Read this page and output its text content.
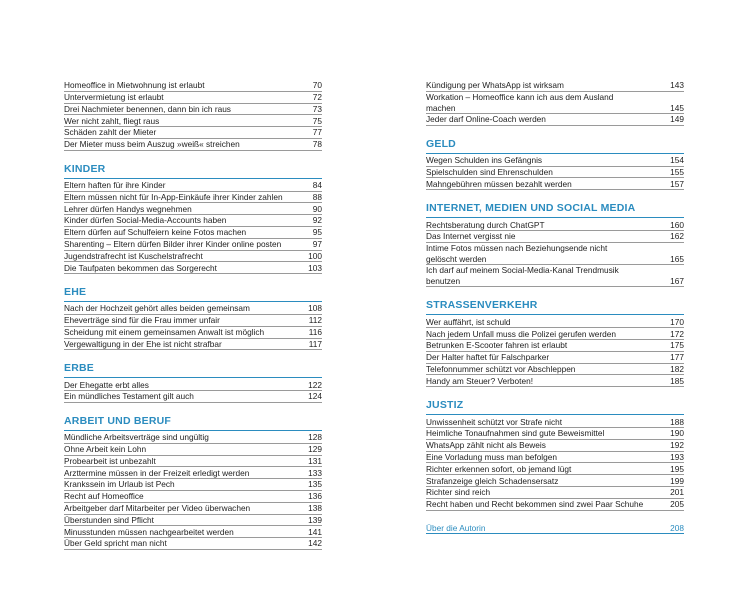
Homeoffice in Mietwohnung ist erlaubt	70
Untervermietung ist erlaubt	72
Drei Nachmieter benennen, dann bin ich raus	73
Wer nicht zahlt, fliegt raus	75
Schäden zahlt der Mieter	77
Der Mieter muss beim Auszug »weiß« streichen	78
KINDER
Eltern haften für ihre Kinder	84
Eltern müssen nicht für In-App-Einkäufe ihrer Kinder zahlen	88
Lehrer dürfen Handys wegnehmen	90
Kinder dürfen Social-Media-Accounts haben	92
Eltern dürfen auf Schulfeiern keine Fotos machen	95
Sharenting – Eltern dürfen Bilder ihrer Kinder online posten	97
Jugendstrafrecht ist Kuschelstrafrecht	100
Die Taufpaten bekommen das Sorgerecht	103
EHE
Nach der Hochzeit gehört alles beiden gemeinsam	108
Eheverträge sind für die Frau immer unfair	112
Scheidung mit einem gemeinsamen Anwalt ist möglich	116
Vergewaltigung in der Ehe ist nicht strafbar	117
ERBE
Der Ehegatte erbt alles	122
Ein mündliches Testament gilt auch	124
ARBEIT UND BERUF
Mündliche Arbeitsverträge sind ungültig	128
Ohne Arbeit kein Lohn	129
Probearbeit ist unbezahlt	131
Arzttermine müssen in der Freizeit erledigt werden	133
Krankssein im Urlaub ist Pech	135
Recht auf Homeoffice	136
Arbeitgeber darf Mitarbeiter per Video überwachen	138
Überstunden sind Pflicht	139
Minusstunden müssen nachgearbeitet werden	141
Über Geld spricht man nicht	142
Kündigung per WhatsApp ist wirksam	143
Workation – Homeoffice kann ich aus dem Ausland
machen	145
Jeder darf Online-Coach werden	149
GELD
Wegen Schulden ins Gefängnis	154
Spielschulden sind Ehrenschulden	155
Mahngebühren müssen bezahlt werden	157
INTERNET, MEDIEN UND SOCIAL MEDIA
Rechtsberatung durch ChatGPT	160
Das Internet vergisst nie	162
Intime Fotos müssen nach Beziehungsende nicht
gelöscht werden	165
Ich darf auf meinem Social-Media-Kanal Trendmusik
benutzen	167
STRASSENVERKEHR
Wer auffährt, ist schuld	170
Nach jedem Unfall muss die Polizei gerufen werden	172
Betrunken E-Scooter fahren ist erlaubt	175
Der Halter haftet für Falschparker	177
Telefonnummer schützt vor Abschleppen	182
Handy am Steuer? Verboten!	185
JUSTIZ
Unwissenheit schützt vor Strafe nicht	188
Heimliche Tonaufnahmen sind gute Beweismittel	190
WhatsApp zählt nicht als Beweis	192
Eine Vorladung muss man befolgen	193
Richter erkennen sofort, ob jemand lügt	195
Strafanzeige gleich Schadensersatz	199
Richter sind reich	201
Recht haben und Recht bekommen sind zwei Paar Schuhe	205
Über die Autorin	208
